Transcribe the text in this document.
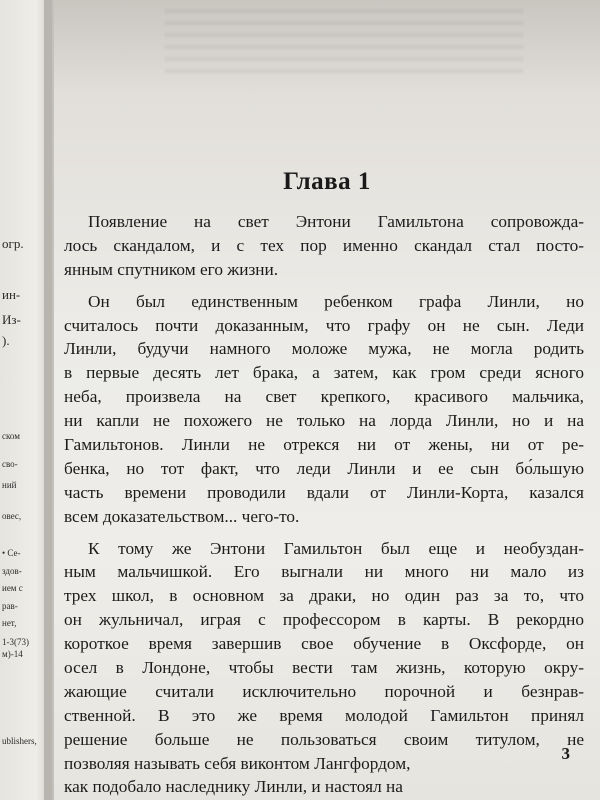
огр.
ин-
Из-
).
ском
сво-
ний
овес,
• Се-
здов-
ием с
рав-
нет,
1-3(73)
м)-14
ublishers,
Глава 1
Появление на свет Энтони Гамильтона сопровожда-
лось скандалом, и с тех пор именно скандал стал посто-
янным спутником его жизни.
Он был единственным ребенком графа Линли, но
считалось почти доказанным, что графу он не сын. Леди
Линли, будучи намного моложе мужа, не могла родить
в первые десять лет брака, а затем, как гром среди ясного
неба, произвела на свет крепкого, красивого мальчика,
ни капли не похожего не только на лорда Линли, но и на
Гамильтонов. Линли не отрекся ни от жены, ни от ре-
бенка, но тот факт, что леди Линли и ее сын бо́льшую
часть времени проводили вдали от Линли-Корта, казался
всем доказательством... чего-то.
К тому же Энтони Гамильтон был еще и необуздан-
ным мальчишкой. Его выгнали ни много ни мало из
трех школ, в основном за драки, но один раз за то, что
он жульничал, играя с профессором в карты. В рекордно
короткое время завершив свое обучение в Оксфорде, он
осел в Лондоне, чтобы вести там жизнь, которую окру-
жающие считали исключительно порочной и безнрав-
ственной. В это же время молодой Гамильтон принял
решение больше не пользоваться своим титулом, не
позволяя называть себя виконтом Лангфордом,
как подобало наследнику Линли, и настоял на
3
